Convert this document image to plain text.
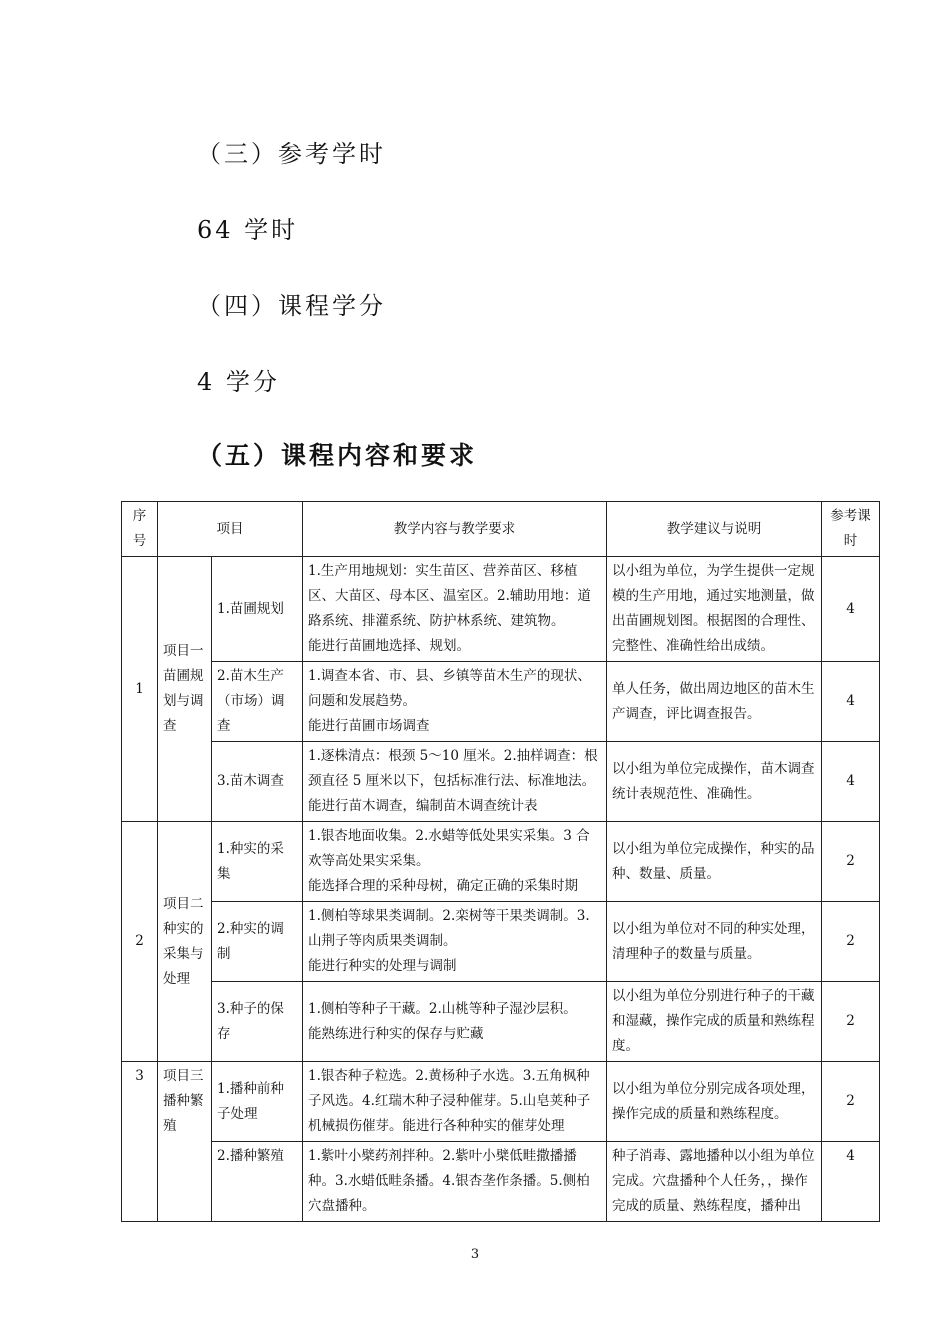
（三）参考学时
64 学时
（四）课程学分
4 学分
（五）课程内容和要求
序号	项目		教学内容与教学要求	教学建议与说明	参考课时
1	项目一苗圃规划与调查	1.苗圃规划	1.生产用地规划：实生苗区、营养苗区、移植区、大苗区、母本区、温室区。2.辅助用地：道路系统、排灌系统、防护林系统、建筑物。
能进行苗圃地选择、规划。	以小组为单位，为学生提供一定规模的生产用地，通过实地测量，做出苗圃规划图。根据图的合理性、完整性、准确性给出成绩。	4
		2.苗木生产（市场）调查	1.调查本省、市、县、乡镇等苗木生产的现状、问题和发展趋势。
能进行苗圃市场调查	单人任务，做出周边地区的苗木生产调查，评比调查报告。	4
		3.苗木调查	1.逐株清点：根颈 5～10 厘米。2.抽样调查：根颈直径 5 厘米以下，包括标准行法、标准地法。
能进行苗木调查，编制苗木调查统计表	以小组为单位完成操作，苗木调查统计表规范性、准确性。	4
2	项目二种实的采集与处理	1.种实的采集	1.银杏地面收集。2.水蜡等低处果实采集。3 合欢等高处果实采集。
能选择合理的采种母树，确定正确的采集时期	以小组为单位完成操作，种实的品种、数量、质量。	2
		2.种实的调制	1.侧柏等球果类调制。2.栾树等干果类调制。3.山荆子等肉质果类调制。
能进行种实的处理与调制	以小组为单位对不同的种实处理，清理种子的数量与质量。	2
		3.种子的保存	1.侧柏等种子干藏。2.山桃等种子湿沙层积。
能熟练进行种实的保存与贮藏	以小组为单位分别进行种子的干藏和湿藏，操作完成的质量和熟练程度。	2
3	项目三播种繁殖	1.播种前种子处理	1.银杏种子粒选。2.黄杨种子水选。3.五角枫种子风选。4.红瑞木种子浸种催芽。5.山皂荚种子机械损伤催芽。能进行各种种实的催芽处理	以小组为单位分别完成各项处理，操作完成的质量和熟练程度。	2
		2.播种繁殖	1.紫叶小檗药剂拌种。2.紫叶小檗低畦撒播播种。3.水蜡低畦条播。4.银杏垄作条播。5.侧柏穴盘播种。	种子消毒、露地播种以小组为单位完成。穴盘播种个人任务，，操作完成的质量、熟练程度，播种出	4
3
